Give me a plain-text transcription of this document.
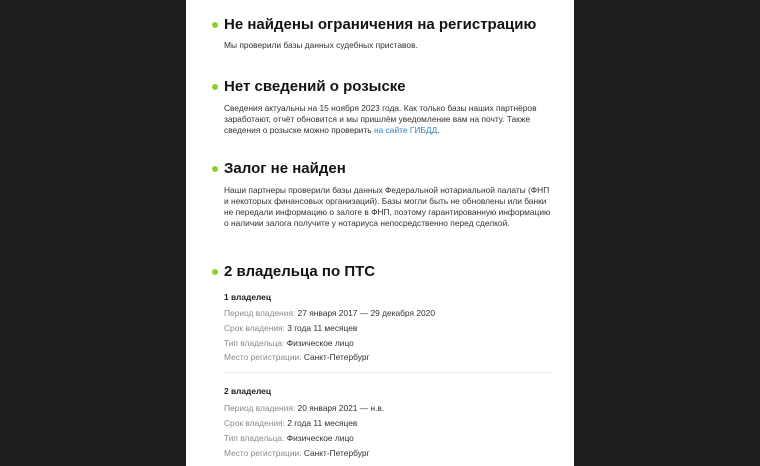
Не найдены ограничения на регистрацию
Мы проверили базы данных судебных приставов.
Нет сведений о розыске
Сведения актуальны на 15 ноября 2023 года. Как только базы наших партнёров заработают, отчёт обновится и мы пришлём уведомление вам на почту. Также сведения о розыске можно проверить на сайте ГИБДД.
Залог не найден
Наши партнеры проверили базы данных Федеральной нотариальной палаты (ФНП и некоторых финансовых организаций). Базы могли быть не обновлены или банки не передали информацию о залоге в ФНП, поэтому гарантированную информацию о наличии залога получите у нотариуса непосредственно перед сделкой.
2 владельца по ПТС
1 владелец
Период владения: 27 января 2017 — 29 декабря 2020
Срок владения: 3 года 11 месяцев
Тип владельца: Физическое лицо
Место регистрации: Санкт-Петербург
2 владелец
Период владения: 20 января 2021 — н.в.
Срок владения: 2 года 11 месяцев
Тип владельца: Физическое лицо
Место регистрации: Санкт-Петербург
